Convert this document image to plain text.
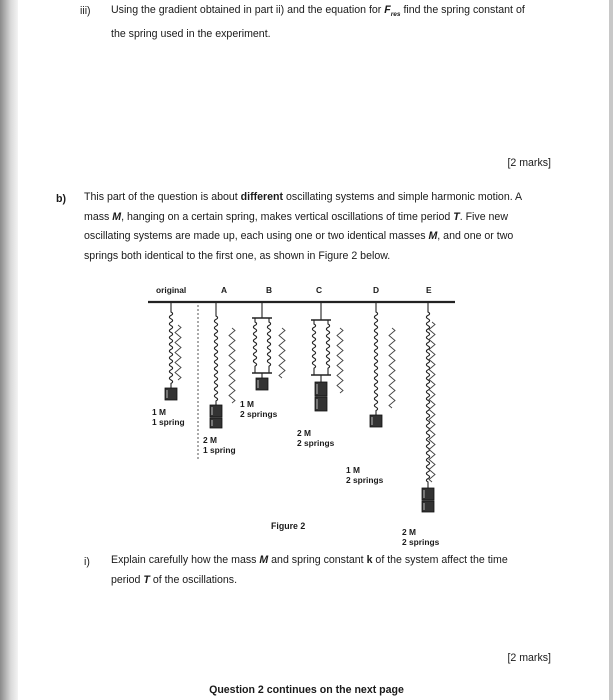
iii) Using the gradient obtained in part ii) and the equation for $F_{res}$ find the spring constant of
the spring used in the experiment.
[2 marks]
b) This part of the question is about different oscillating systems and simple harmonic motion. A
mass M, hanging on a certain spring, makes vertical oscillations of time period T. Five new
oscillating systems are made up, each using one or two identical masses M, and one or two
springs both identical to the first one, as shown in Figure 2 below.
original	A	B	C	D	E
1 M
1 spring
2 M
1 spring
1 M
2 springs
2 M
2 springs
1 M
2 springs
2 M
2 springs
Figure 2
i) Explain carefully how the mass M and spring constant k of the system affect the time
period T of the oscillations.
[2 marks]
Question 2 continues on the next page
